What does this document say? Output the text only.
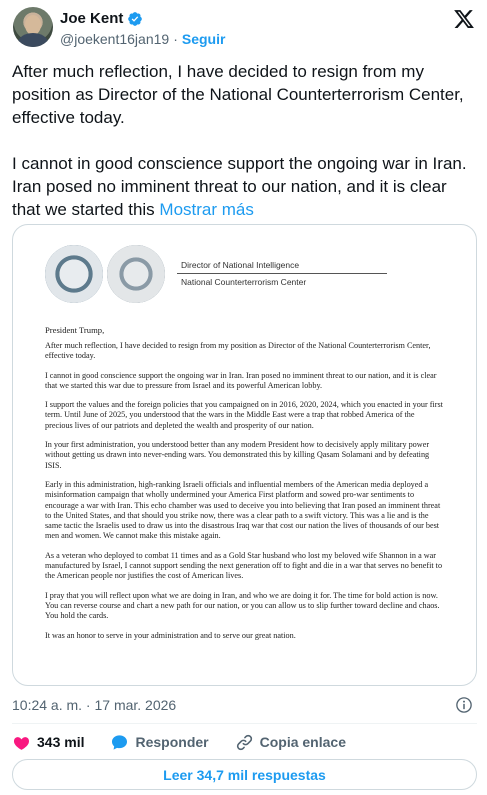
Joe Kent
@joekent16jan19 · Seguir
After much reflection, I have decided to resign from my position as Director of the National Counterterrorism Center, effective today.

I cannot in good conscience support the ongoing war in Iran. Iran posed no imminent threat to our nation, and it is clear that we started this Mostrar más
Director of National Intelligence
National Counterterrorism Center
President Trump,

After much reflection, I have decided to resign from my position as Director of the National Counterterrorism Center, effective today.

I cannot in good conscience support the ongoing war in Iran. Iran posed no imminent threat to our nation, and it is clear that we started this war due to pressure from Israel and its powerful American lobby.

I support the values and the foreign policies that you campaigned on in 2016, 2020, 2024, which you enacted in your first term. Until June of 2025, you understood that the wars in the Middle East were a trap that robbed America of the precious lives of our patriots and depleted the wealth and prosperity of our nation.

In your first administration, you understood better than any modern President how to decisively apply military power without getting us drawn into never-ending wars. You demonstrated this by killing Qasam Solamani and by defeating ISIS.

Early in this administration, high-ranking Israeli officials and influential members of the American media deployed a misinformation campaign that wholly undermined your America First platform and sowed pro-war sentiments to encourage a war with Iran. This echo chamber was used to deceive you into believing that Iran posed an imminent threat to the United States, and that should you strike now, there was a clear path to a swift victory. This was a lie and is the same tactic the Israelis used to draw us into the disastrous Iraq war that cost our nation the lives of thousands of our best men and women. We cannot make this mistake again.

As a veteran who deployed to combat 11 times and as a Gold Star husband who lost my beloved wife Shannon in a war manufactured by Israel, I cannot support sending the next generation off to fight and die in a war that serves no benefit to the American people nor justifies the cost of American lives.

I pray that you will reflect upon what we are doing in Iran, and who we are doing it for. The time for bold action is now. You can reverse course and chart a new path for our nation, or you can allow us to slip further toward decline and chaos. You hold the cards.

It was an honor to serve in your administration and to serve our great nation.

10:24 a. m. · 17 mar. 2026
343 mil	Responder	Copia enlace
Leer 34,7 mil respuestas
